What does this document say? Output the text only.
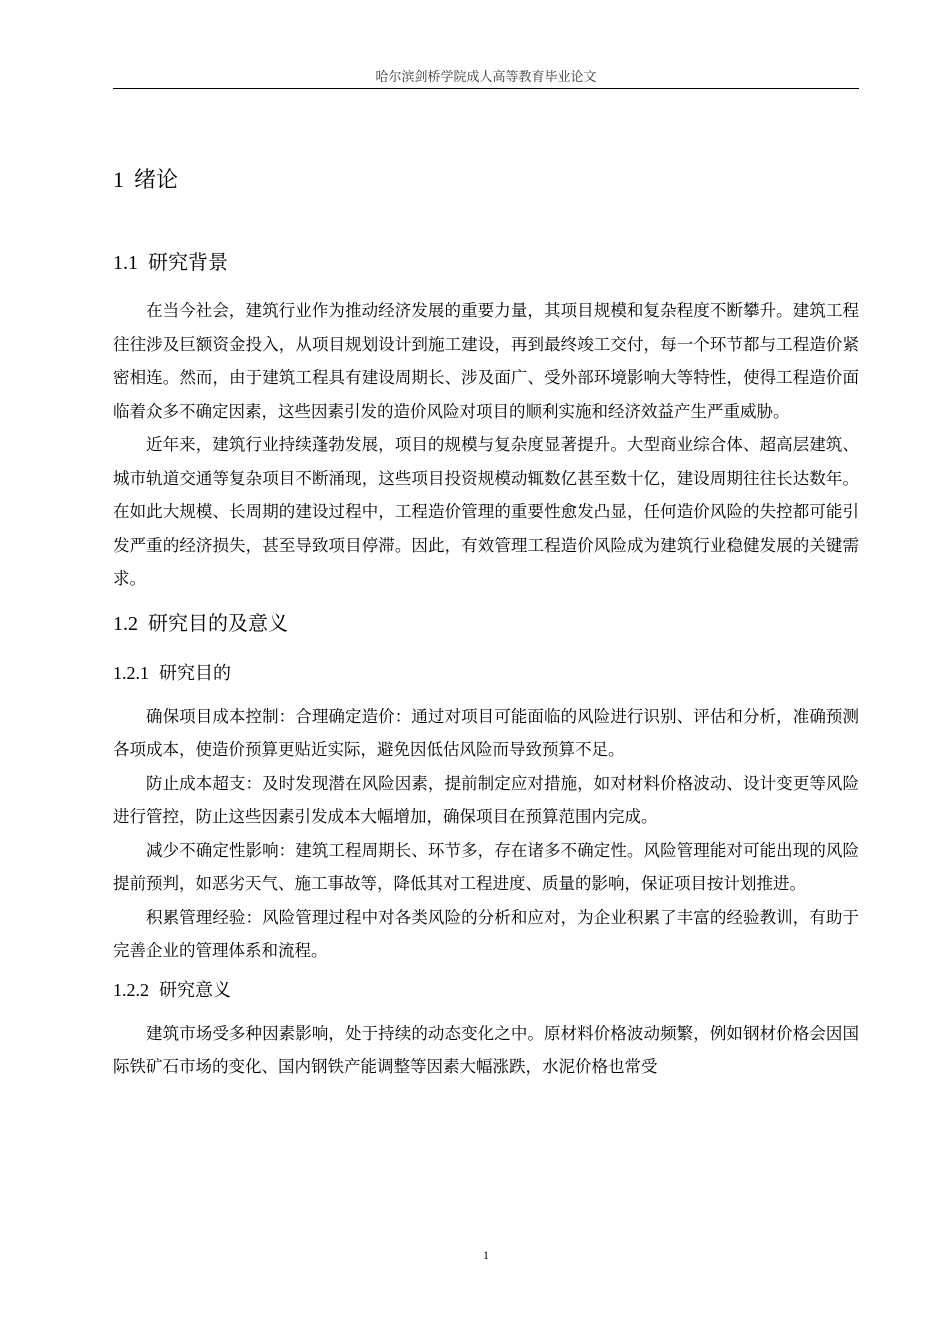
哈尔滨剑桥学院成人高等教育毕业论文
1 绪论
1.1 研究背景

在当今社会，建筑行业作为推动经济发展的重要力量，其项目规模和复杂程度不断攀升。建筑工程往往涉及巨额资金投入，从项目规划设计到施工建设，再到最终竣工交付，每一个环节都与工程造价紧密相连。然而，由于建筑工程具有建设周期长、涉及面广、受外部环境影响大等特性，使得工程造价面临着众多不确定因素，这些因素引发的造价风险对项目的顺利实施和经济效益产生严重威胁。

近年来，建筑行业持续蓬勃发展，项目的规模与复杂度显著提升。大型商业综合体、超高层建筑、城市轨道交通等复杂项目不断涌现，这些项目投资规模动辄数亿甚至数十亿，建设周期往往长达数年。在如此大规模、长周期的建设过程中，工程造价管理的重要性愈发凸显，任何造价风险的失控都可能引发严重的经济损失，甚至导致项目停滞。因此，有效管理工程造价风险成为建筑行业稳健发展的关键需求。

1.2 研究目的及意义
1.2.1 研究目的

确保项目成本控制：合理确定造价：通过对项目可能面临的风险进行识别、评估和分析，准确预测各项成本，使造价预算更贴近实际，避免因低估风险而导致预算不足。

防止成本超支：及时发现潜在风险因素，提前制定应对措施，如对材料价格波动、设计变更等风险进行管控，防止这些因素引发成本大幅增加，确保项目在预算范围内完成。

减少不确定性影响：建筑工程周期长、环节多，存在诸多不确定性。风险管理能对可能出现的风险提前预判，如恶劣天气、施工事故等，降低其对工程进度、质量的影响，保证项目按计划推进。

积累管理经验：风险管理过程中对各类风险的分析和应对，为企业积累了丰富的经验教训，有助于完善企业的管理体系和流程。

1.2.2 研究意义

建筑市场受多种因素影响，处于持续的动态变化之中。原材料价格波动频繁，例如钢材价格会因国际铁矿石市场的变化、国内钢铁产能调整等因素大幅涨跌，水泥价格也常受

1
